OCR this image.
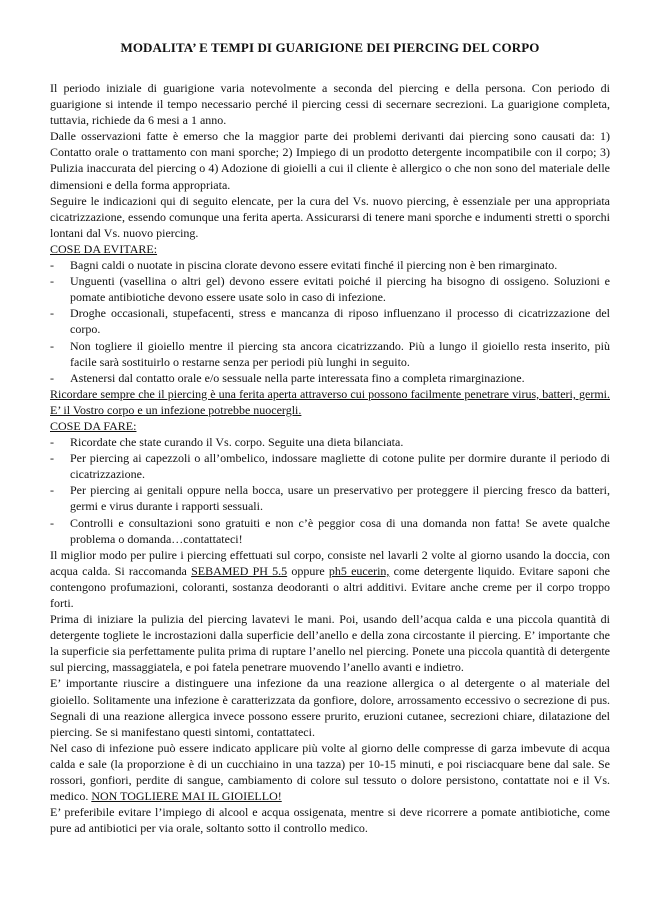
MODALITA’ E TEMPI DI GUARIGIONE DEI PIERCING DEL CORPO

Il periodo iniziale di guarigione varia notevolmente a seconda del piercing e della persona. Con periodo di guarigione si intende il tempo necessario perché il piercing cessi di secernare secrezioni. La guarigione completa, tuttavia, richiede da 6 mesi a 1 anno.

Dalle osservazioni fatte è emerso che la maggior parte dei problemi derivanti dai piercing sono causati da: 1) Contatto orale o trattamento con mani sporche; 2) Impiego di un prodotto detergente incompatibile con il corpo; 3) Pulizia inaccurata del piercing o 4) Adozione di gioielli a cui il cliente è allergico o che non sono del materiale delle dimensioni e della forma appropriata.

Seguire le indicazioni qui di seguito elencate, per la cura del Vs. nuovo piercing, è essenziale per una appropriata cicatrizzazione, essendo comunque una ferita aperta. Assicurarsi di tenere mani sporche e indumenti stretti o sporchi lontani dal Vs. nuovo piercing.

COSE DA EVITARE:
- Bagni caldi o nuotate in piscina clorate devono essere evitati finché il piercing non è ben rimarginato.
- Unguenti (vasellina o altri gel) devono essere evitati poiché il piercing ha bisogno di ossigeno. Soluzioni e pomate antibiotiche devono essere usate solo in caso di infezione.
- Droghe occasionali, stupefacenti, stress e mancanza di riposo influenzano il processo di cicatrizzazione del corpo.
- Non togliere il gioiello mentre il piercing sta ancora cicatrizzando. Più a lungo il gioiello resta inserito, più facile sarà sostituirlo o restarne senza per periodi più lunghi in seguito.
- Astenersi dal contatto orale e/o sessuale nella parte interessata fino a completa rimarginazione.

Ricordare sempre che il piercing è una ferita aperta attraverso cui possono facilmente penetrare virus, batteri, germi. E’ il Vostro corpo e un infezione potrebbe nuocergli.

COSE DA FARE:
- Ricordate che state curando il Vs. corpo. Seguite una dieta bilanciata.
- Per piercing ai capezzoli o all’ombelico, indossare magliette di cotone pulite per dormire durante il periodo di cicatrizzazione.
- Per piercing ai genitali oppure nella bocca, usare un preservativo per proteggere il piercing fresco da batteri, germi e virus durante i rapporti sessuali.
- Controlli e consultazioni sono gratuiti e non c’è peggior cosa di una domanda non fatta! Se avete qualche problema o domanda…contattateci!

Il miglior modo per pulire i piercing effettuati sul corpo, consiste nel lavarli 2 volte al giorno usando la doccia, con acqua calda. Si raccomanda SEBAMED PH 5.5 oppure ph5 eucerin, come detergente liquido. Evitare saponi che contengono profumazioni, coloranti, sostanza deodoranti o altri additivi. Evitare anche creme per il corpo troppo forti.

Prima di iniziare la pulizia del piercing lavatevi le mani. Poi, usando dell’acqua calda e una piccola quantità di detergente togliete le incrostazioni dalla superficie dell’anello e della zona circostante il piercing. E’ importante che la superficie sia perfettamente pulita prima di ruptare l’anello nel piercing. Ponete una piccola quantità di detergente sul piercing, massaggiatela, e poi fatela penetrare muovendo l’anello avanti e indietro.

E’ importante riuscire a distinguere una infezione da una reazione allergica o al detergente o al materiale del gioiello. Solitamente una infezione è caratterizzata da gonfiore, dolore, arrossamento eccessivo o secrezione di pus. Segnali di una reazione allergica invece possono essere prurito, eruzioni cutanee, secrezioni chiare, dilatazione del piercing. Se si manifestano questi sintomi, contattateci.

Nel caso di infezione può essere indicato applicare più volte al giorno delle compresse di garza imbevute di acqua calda e sale (la proporzione è di un cucchiaino in una tazza) per 10-15 minuti, e poi risciacquare bene dal sale. Se rossori, gonfiori, perdite di sangue, cambiamento di colore sul tessuto o dolore persistono, contattate noi e il Vs. medico. NON TOGLIERE MAI IL GIOIELLO!

E’ preferibile evitare l’impiego di alcool e acqua ossigenata, mentre si deve ricorrere a pomate antibiotiche, come pure ad antibiotici per via orale, soltanto sotto il controllo medico.
